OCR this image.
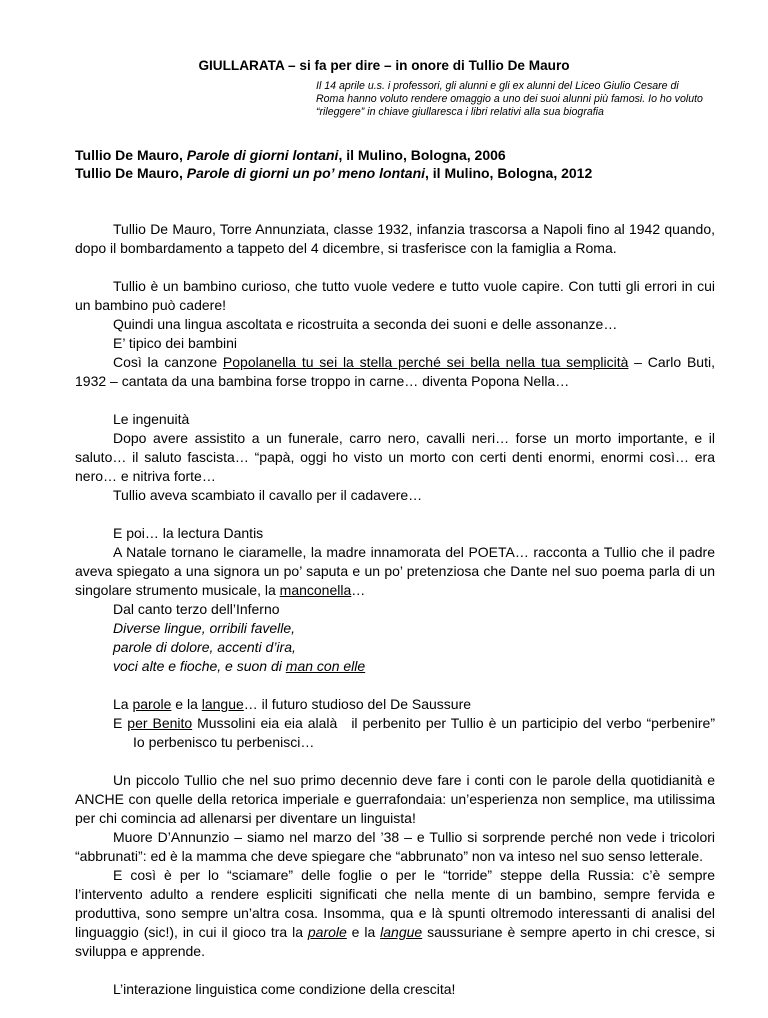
GIULLARATA – si fa per dire – in onore di Tullio De Mauro
Il 14 aprile u.s. i professori, gli alunni e gli ex alunni del Liceo Giulio Cesare di Roma hanno voluto rendere omaggio a uno dei suoi alunni più famosi. Io ho voluto “rileggere” in chiave giullaresca i libri relativi alla sua biografia
Tullio De Mauro, Parole di giorni lontani, il Mulino, Bologna, 2006
Tullio De Mauro, Parole di giorni un po’ meno lontani, il Mulino, Bologna, 2012

Tullio De Mauro, Torre Annunziata, classe 1932, infanzia trascorsa a Napoli fino al 1942 quando, dopo il bombardamento a tappeto del 4 dicembre, si trasferisce con la famiglia a Roma.

Tullio è un bambino curioso, che tutto vuole vedere e tutto vuole capire. Con tutti gli errori in cui un bambino può cadere!
Quindi una lingua ascoltata e ricostruita a seconda dei suoni e delle assonanze…
E’ tipico dei bambini
Così la canzone Popolanella tu sei la stella perché sei bella nella tua semplicità – Carlo Buti, 1932 – cantata da una bambina forse troppo in carne… diventa Popona Nella…

Le ingenuità
Dopo avere assistito a un funerale, carro nero, cavalli neri… forse un morto importante, e il saluto… il saluto fascista… “papà, oggi ho visto un morto con certi denti enormi, enormi così… era nero… e nitriva forte…
Tullio aveva scambiato il cavallo per il cadavere…

E poi… la lectura Dantis
A Natale tornano le ciaramelle, la madre innamorata del POETA… racconta a Tullio che il padre aveva spiegato a una signora un po’ saputa e un po’ pretenziosa che Dante nel suo poema parla di un singolare strumento musicale, la manconella…
Dal canto terzo dell’Inferno
Diverse lingue, orribili favelle,
parole di dolore, accenti d’ira,
voci alte e fioche, e suon di man con elle

La parole e la langue… il futuro studioso del De Saussure
E per Benito Mussolini eia eia alalà il perbenito per Tullio è un participio del verbo “perbenire”Io perbenisco tu perbenisci…

Un piccolo Tullio che nel suo primo decennio deve fare i conti con le parole della quotidianità e ANCHE con quelle della retorica imperiale e guerrafondaia: un’esperienza non semplice, ma utilissima per chi comincia ad allenarsi per diventare un linguista!
Muore D’Annunzio – siamo nel marzo del ’38 – e Tullio si sorprende perché non vede i tricolori “abbrunati”: ed è la mamma che deve spiegare che “abbrunato” non va inteso nel suo senso letterale.
E così è per lo “sciamare” delle foglie o per le “torride” steppe della Russia: c’è sempre l’intervento adulto a rendere espliciti significati che nella mente di un bambino, sempre fervida e produttiva, sono sempre un’altra cosa. Insomma, qua e là spunti oltremodo interessanti di analisi del linguaggio (sic!), in cui il gioco tra la parole e la langue saussuriane è sempre aperto in chi cresce, si sviluppa e apprende.

L’interazione linguistica come condizione della crescita!
